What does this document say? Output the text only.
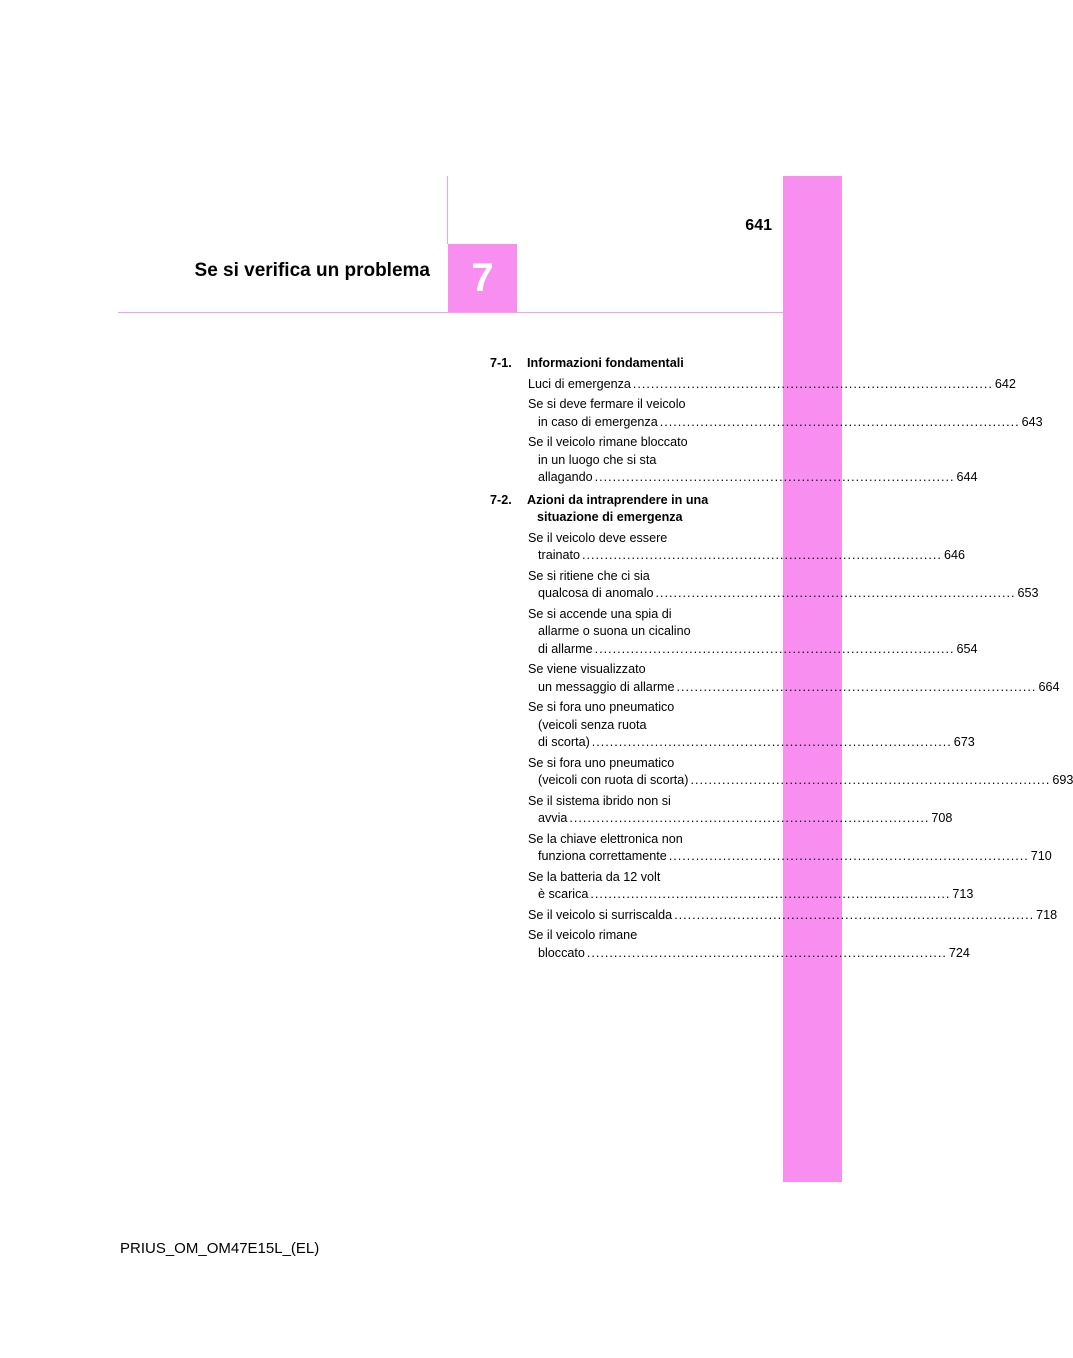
641
Se si verifica un problema 7
7-1.	Informazioni fondamentali
Luci di emergenza ................................................................................ 642
Se si deve fermare il veicolo
in caso di emergenza ................................................................................ 643
Se il veicolo rimane bloccato
in un luogo che si sta
allagando ................................................................................ 644
7-2.	Azioni da intraprendere in una
situazione di emergenza
Se il veicolo deve essere
trainato ................................................................................ 646
Se si ritiene che ci sia
qualcosa di anomalo ................................................................................ 653
Se si accende una spia di
allarme o suona un cicalino
di allarme ................................................................................ 654
Se viene visualizzato
un messaggio di allarme ................................................................................ 664
Se si fora uno pneumatico
(veicoli senza ruota
di scorta) ................................................................................ 673
Se si fora uno pneumatico
(veicoli con ruota di scorta) ................................................................................ 693
Se il sistema ibrido non si
avvia ................................................................................ 708
Se la chiave elettronica non
funziona correttamente ................................................................................ 710
Se la batteria da 12 volt
è scarica ................................................................................ 713
Se il veicolo si surriscalda ................................................................................ 718
Se il veicolo rimane
bloccato ................................................................................ 724
PRIUS_OM_OM47E15L_(EL)
